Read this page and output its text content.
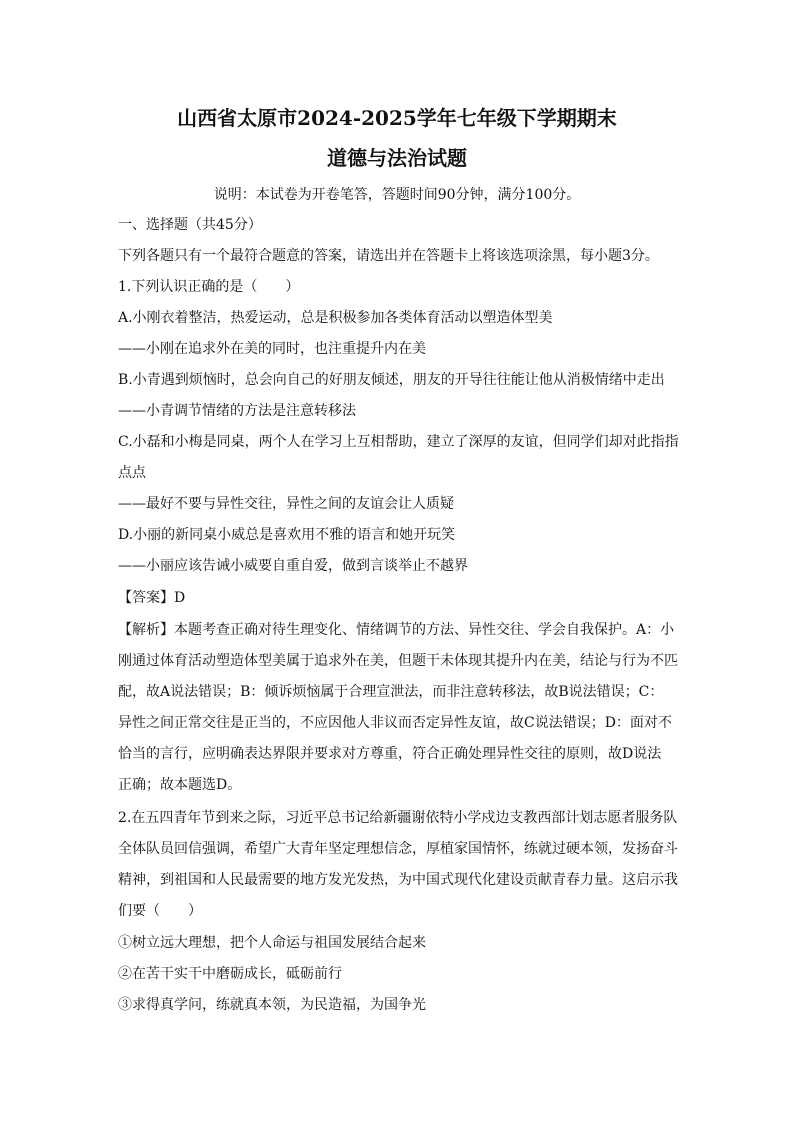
山西省太原市2024-2025学年七年级下学期期末
道德与法治试题
说明：本试卷为开卷笔答，答题时间90分钟，满分100分。
一、选择题（共45分）
下列各题只有一个最符合题意的答案，请选出并在答题卡上将该选项涂黑，每小题3分。
1.下列认识正确的是（　　）
A.小刚衣着整洁，热爱运动，总是积极参加各类体育活动以塑造体型美
——小刚在追求外在美的同时，也注重提升内在美
B.小青遇到烦恼时，总会向自己的好朋友倾述，朋友的开导往往能让他从消极情绪中走出
——小青调节情绪的方法是注意转移法
C.小磊和小梅是同桌，两个人在学习上互相帮助，建立了深厚的友谊，但同学们却对此指指
点点
——最好不要与异性交往，异性之间的友谊会让人质疑
D.小丽的新同桌小威总是喜欢用不雅的语言和她开玩笑
——小丽应该告诫小威要自重自爱，做到言谈举止不越界
【答案】D
【解析】本题考查正确对待生理变化、情绪调节的方法、异性交往、学会自我保护。A：小
刚通过体育活动塑造体型美属于追求外在美，但题干未体现其提升内在美，结论与行为不匹
配，故A说法错误；B：倾诉烦恼属于合理宣泄法，而非注意转移法，故B说法错误；C：
异性之间正常交往是正当的，不应因他人非议而否定异性友谊，故C说法错误；D：面对不
恰当的言行，应明确表达界限并要求对方尊重，符合正确处理异性交往的原则，故D说法
正确；故本题选D。
2.在五四青年节到来之际，习近平总书记给新疆谢依特小学戍边支教西部计划志愿者服务队
全体队员回信强调，希望广大青年坚定理想信念，厚植家国情怀，练就过硬本领，发扬奋斗
精神，到祖国和人民最需要的地方发光发热，为中国式现代化建设贡献青春力量。这启示我
们要（　　）
①树立远大理想，把个人命运与祖国发展结合起来
②在苦干实干中磨砺成长，砥砺前行
③求得真学问，练就真本领，为民造福，为国争光
